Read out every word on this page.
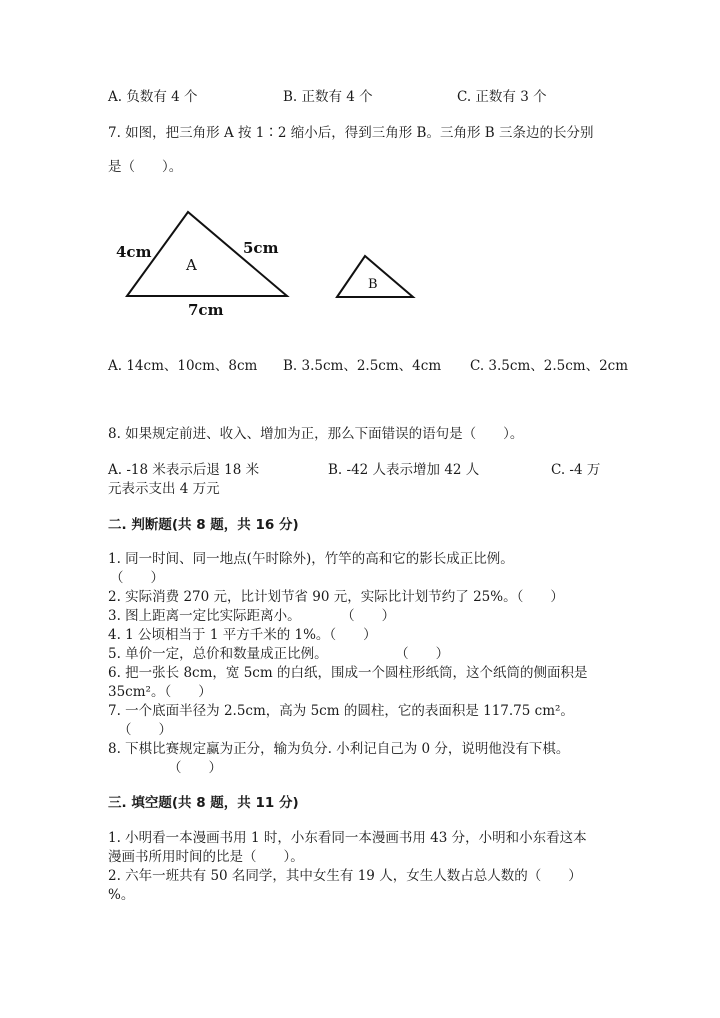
A. 负数有 4 个	B. 正数有 4 个	C. 正数有 3 个
7. 如图，把三角形 A 按 1∶2 缩小后，得到三角形 B。三角形 B 三条边的长分别
是（　　）。
A
4cm	5cm
7cm
B
A. 14cm、10cm、8cm B. 3.5cm、2.5cm、4cm C. 3.5cm、2.5cm、2cm
8. 如果规定前进、收入、增加为正，那么下面错误的语句是（　　）。
A. -18 米表示后退 18 米	B. -42 人表示增加 42 人	C. -4 万
元表示支出 4 万元
二. 判断题(共 8 题，共 16 分)
1. 同一时间、同一地点(午时除外)，竹竿的高和它的影长成正比例。
（　　）
2. 实际消费 270 元，比计划节省 90 元，实际比计划节约了 25%。（　　）
3. 图上距离一定比实际距离小。　　　　（　　）
4. 1 公顷相当于 1 平方千米的 1%。（　　）
5. 单价一定，总价和数量成正比例。　　　　　　（　　）
6. 把一张长 8cm，宽 5cm 的白纸，围成一个圆柱形纸筒，这个纸筒的侧面积是
35cm²。（　　）
7. 一个底面半径为 2.5cm，高为 5cm 的圆柱，它的表面积是 117.75 cm²。
（　　）
8. 下棋比赛规定赢为正分，输为负分. 小利记自己为 0 分，说明他没有下棋。
（　　）
三. 填空题(共 8 题，共 11 分)
1. 小明看一本漫画书用 1 时，小东看同一本漫画书用 43 分，小明和小东看这本
漫画书所用时间的比是（　　）。
2. 六年一班共有 50 名同学，其中女生有 19 人，女生人数占总人数的（　　）
%。
